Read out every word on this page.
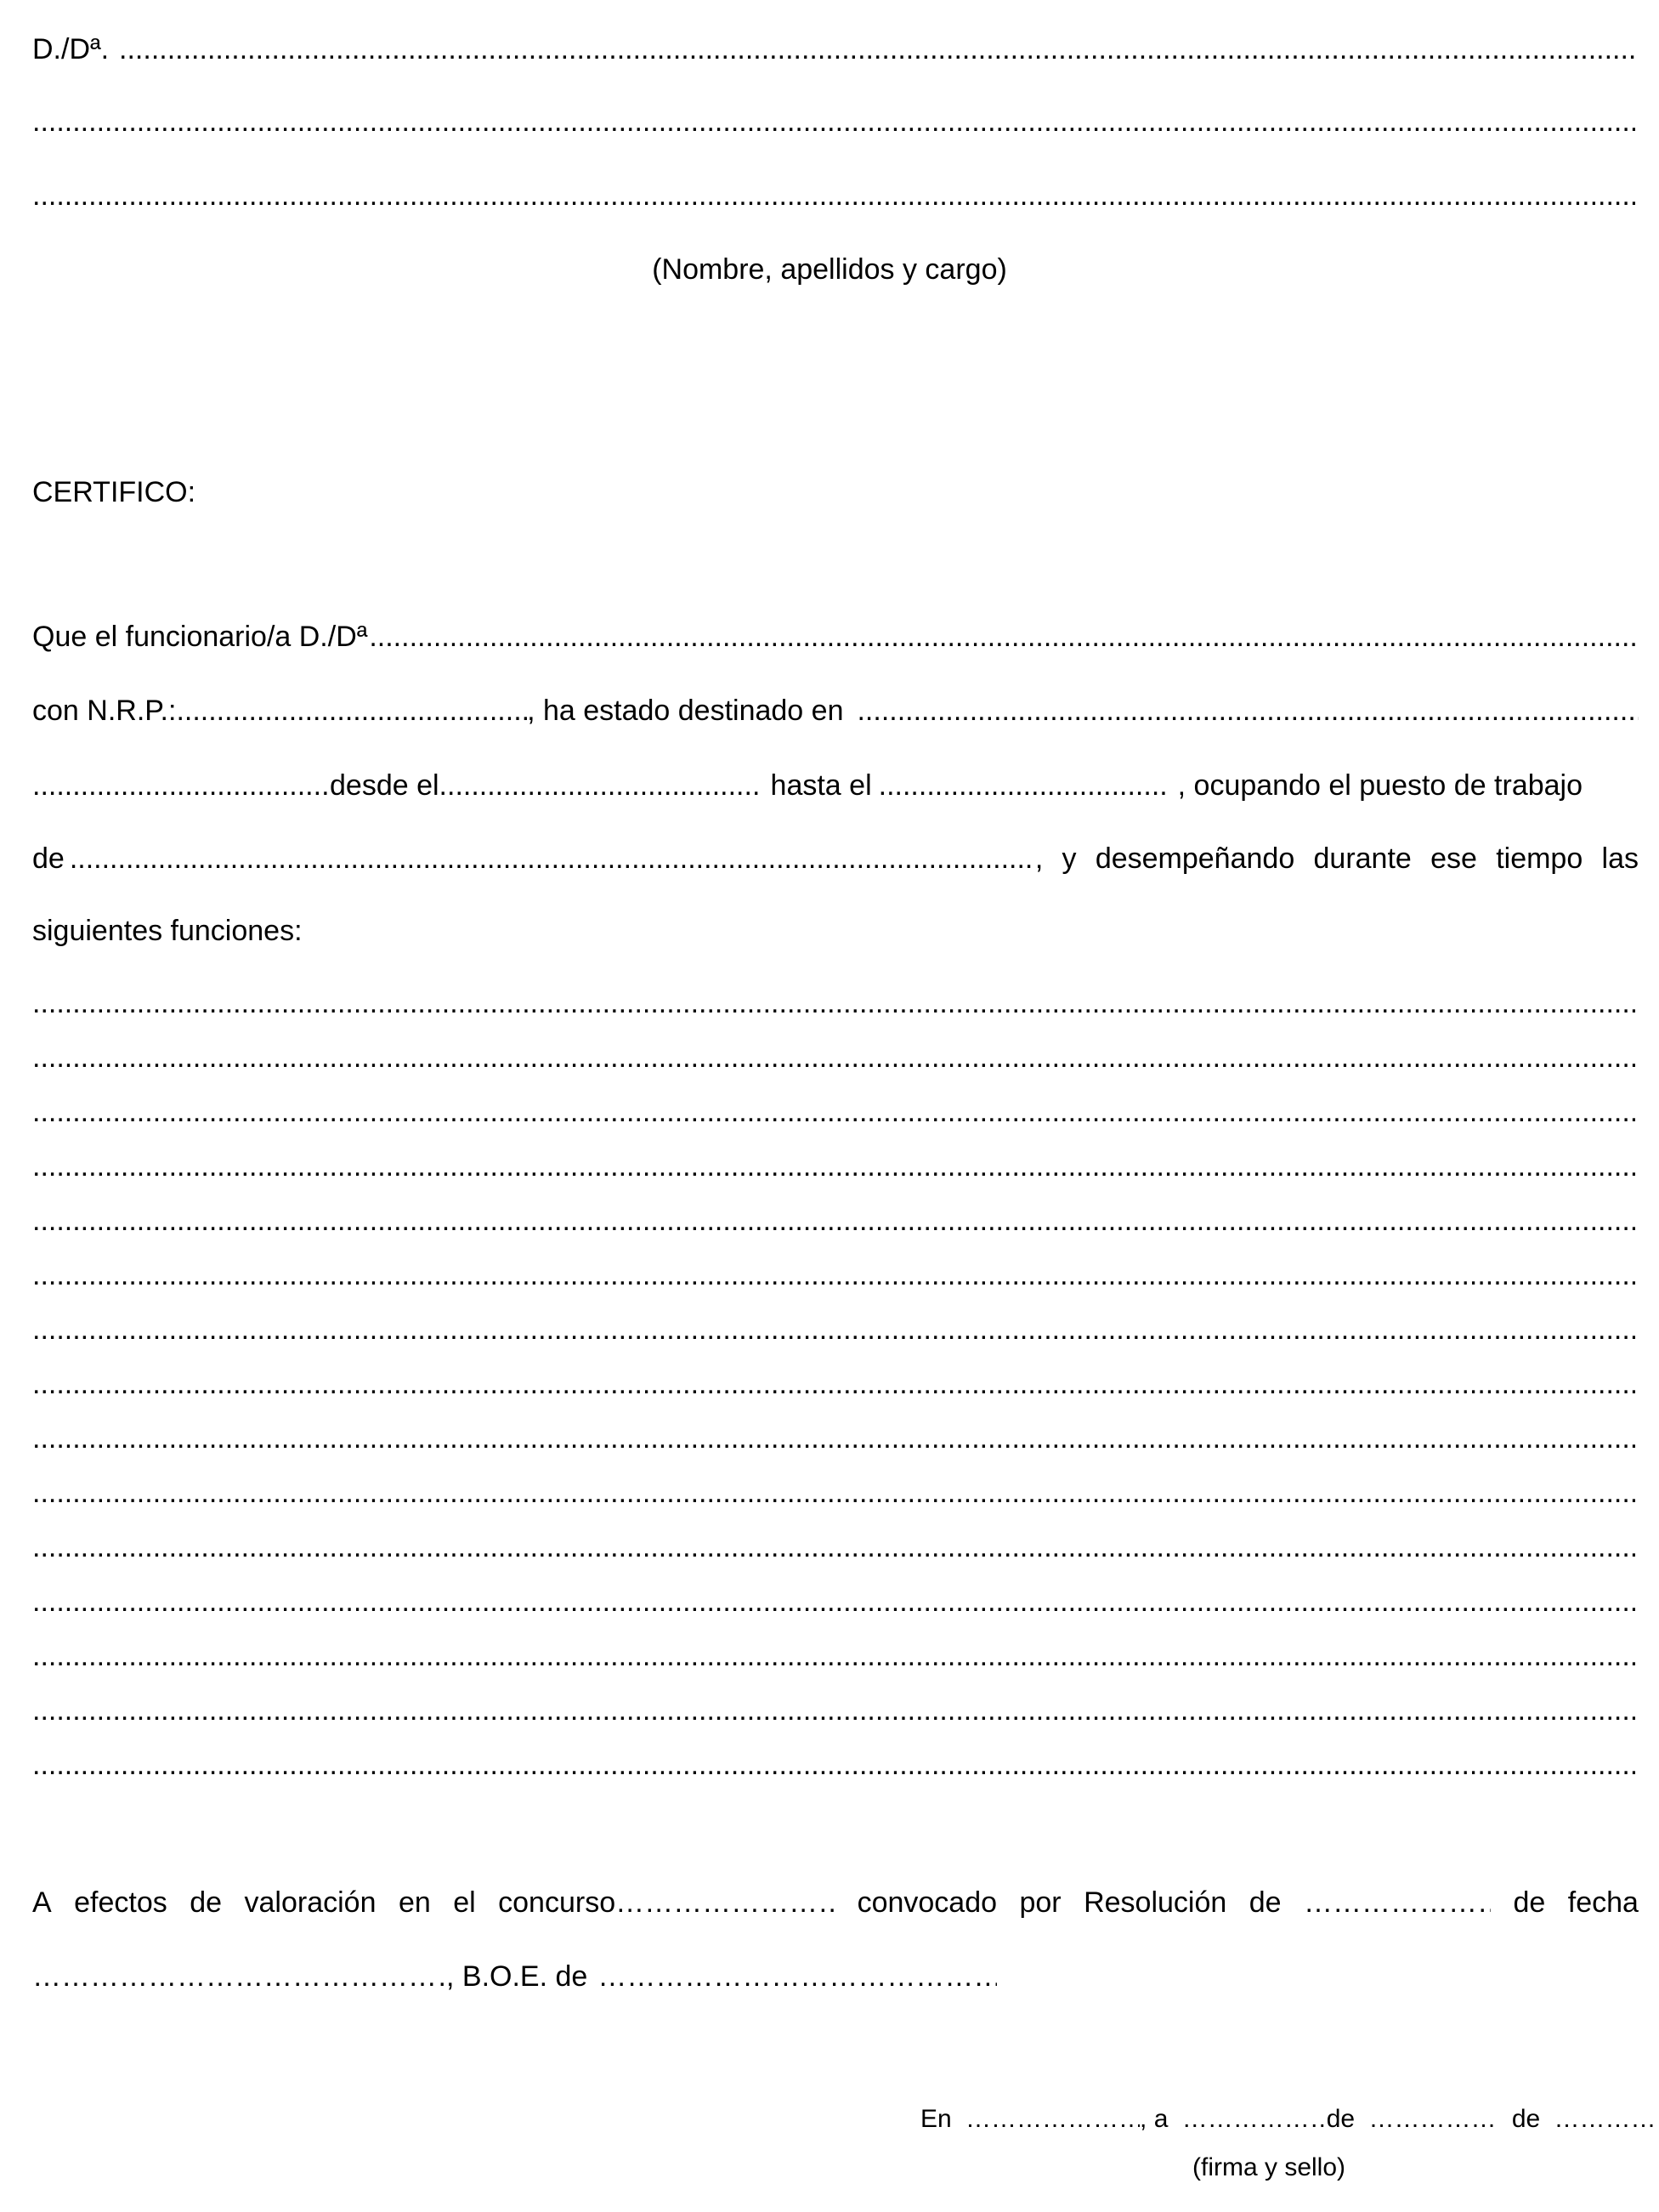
D./Dª.
.....
.....
.....
(Nombre, apellidos y cargo)
CERTIFICO:
Que el funcionario/a D./Dª
.....
con N.R.P.: .....	, ha estado destinado en
.....
.....
desde el .....	hasta el .....	, ocupando el puesto de trabajo
de .....	, y desempeñando durante ese tiempo las
siguientes funciones:
.....
.....
.....
.....
.....
.....
.....
.....
.....
.....
.....
.....
.....
.....
.....
A efectos de valoración en el concurso …………………………………………………………………………………………………………………………………………………………………………………………	convocado por Resolución de …………………………………………………………………………………………………………………………………………………………………………………………	de fecha
…………………………………………………………………………………………………………………………………………………………………………………………
, B.O.E. de
…………………………………………………………………………………………………………………………………………………………………………………………
En …………………………………………………………………………………………………………………………………………………………………………………………	, a …………………………………………………………………………………………………………………………………………………………………………………………	de …………………………………………………………………………………………………………………………………………………………………………………………	de …………………………………………………………………………………………………………………………………………………………………………………………
(firma y sello)
